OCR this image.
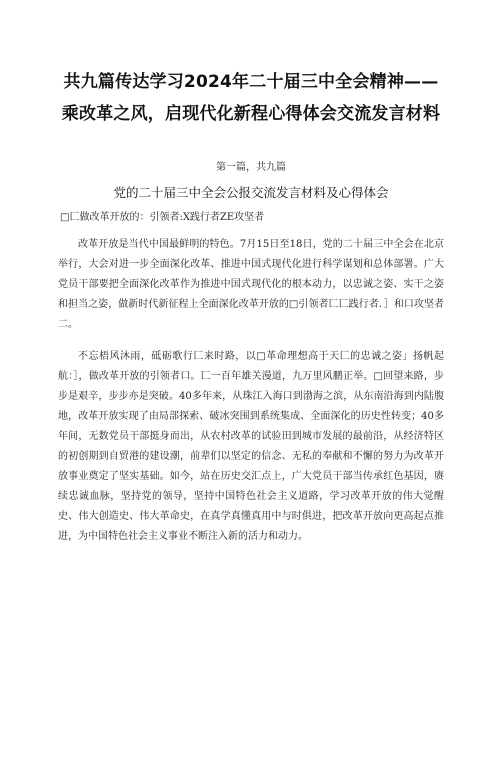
共九篇传达学习2024年二十届三中全会精神——乘改革之风，启现代化新程心得体会交流发言材料
第一篇，共九篇
党的二十届三中全会公报交流发言材料及心得体会
□匚做改革开放的：引领者:X践行者ZE攻坚者

改革开放是当代中国最鲜明的特色。7月15日至18日，党的二十届三中全会在北京举行，大会对进一步全面深化改革、推进中国式现代化进行科学谋划和总体部署。广大党员干部要把全面深化改革作为推进中国式现代化的根本动力，以忠诚之姿、实干之姿和担当之姿，做新时代新征程上全面深化改革开放的□引领者匚匚践行者．］和口攻坚者二。

不忘梧风沐雨，砥砺歌行匚来时路，以□革命理想高于天匚的忠诚之姿」扬帆起航：］，做改革开放的引领者口。匚一百年雄关漫道，九万里风鹏正举。□回望来路，步步是艰辛，步步亦是突破。40多年来，从珠江入海口到渤海之滨，从东南沿海到内陆腹地，改革开放实现了由局部探索、破冰突围到系统集成、全面深化的历史性转变；40多年间，无数党员干部挺身而出，从农村改革的试验田到城市发展的最前沿，从经济特区的初创期到自贸港的建设潮，前辈们以坚定的信念、无私的奉献和不懈的努力为改革开放事业奠定了坚实基础。如今，站在历史交汇点上，广大党员干部当传承红色基因，赓续忠诚血脉，坚持党的领导，坚持中国特色社会主义道路，学习改革开放的伟大觉醒史、伟大创造史、伟大革命史，在真学真懂真用中与时俱进，把改革开放向更高起点推进，为中国特色社会主义事业不断注入新的活力和动力。
